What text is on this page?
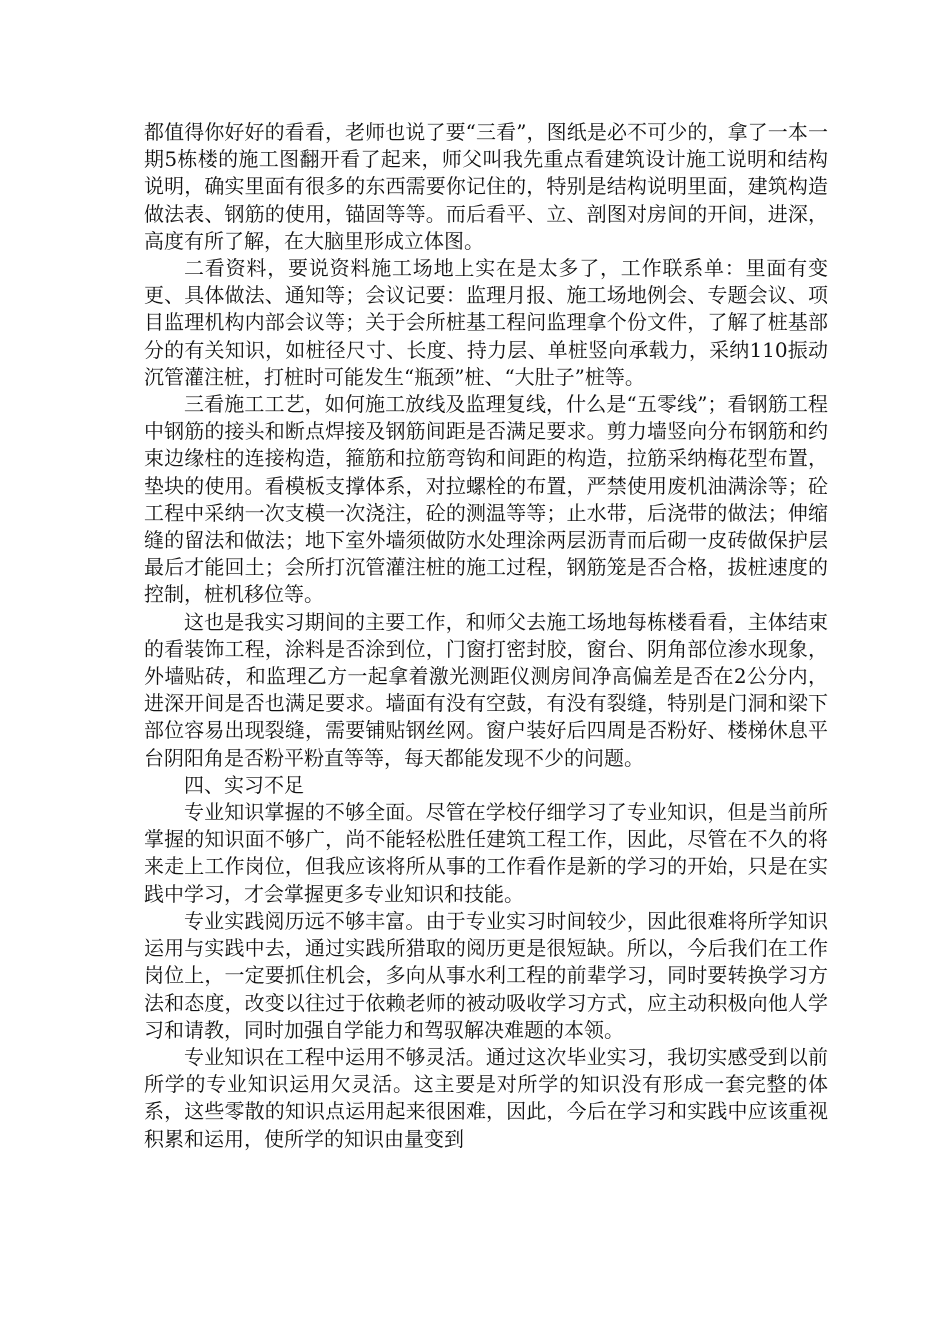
都值得你好好的看看，老师也说了要“三看”，图纸是必不可少的，拿了一本一期5栋楼的施工图翻开看了起来，师父叫我先重点看建筑设计施工说明和结构说明，确实里面有很多的东西需要你记住的，特别是结构说明里面，建筑构造做法表、钢筋的使用，锚固等等。而后看平、立、剖图对房间的开间，进深，高度有所了解，在大脑里形成立体图。

二看资料，要说资料施工场地上实在是太多了，工作联系单：里面有变更、具体做法、通知等；会议记要：监理月报、施工场地例会、专题会议、项目监理机构内部会议等；关于会所桩基工程问监理拿个份文件，了解了桩基部分的有关知识，如桩径尺寸、长度、持力层、单桩竖向承载力，采纳110振动沉管灌注桩，打桩时可能发生“瓶颈”桩、“大肚子”桩等。

三看施工工艺，如何施工放线及监理复线，什么是“五零线”；看钢筋工程中钢筋的接头和断点焊接及钢筋间距是否满足要求。剪力墙竖向分布钢筋和约束边缘柱的连接构造，箍筋和拉筋弯钩和间距的构造，拉筋采纳梅花型布置，垫块的使用。看模板支撑体系，对拉螺栓的布置，严禁使用废机油满涂等；砼工程中采纳一次支模一次浇注，砼的测温等等；止水带，后浇带的做法；伸缩缝的留法和做法；地下室外墙须做防水处理涂两层沥青而后砌一皮砖做保护层最后才能回土；会所打沉管灌注桩的施工过程，钢筋笼是否合格，拔桩速度的控制，桩机移位等。

这也是我实习期间的主要工作，和师父去施工场地每栋楼看看，主体结束的看装饰工程，涂料是否涂到位，门窗打密封胶，窗台、阴角部位渗水现象，外墙贴砖，和监理乙方一起拿着激光测距仪测房间净高偏差是否在2公分内，进深开间是否也满足要求。墙面有没有空鼓，有没有裂缝，特别是门洞和梁下部位容易出现裂缝，需要铺贴钢丝网。窗户装好后四周是否粉好、楼梯休息平台阴阳角是否粉平粉直等等，每天都能发现不少的问题。

四、实习不足

专业知识掌握的不够全面。尽管在学校仔细学习了专业知识，但是当前所掌握的知识面不够广，尚不能轻松胜任建筑工程工作，因此，尽管在不久的将来走上工作岗位，但我应该将所从事的工作看作是新的学习的开始，只是在实践中学习，才会掌握更多专业知识和技能。

专业实践阅历远不够丰富。由于专业实习时间较少，因此很难将所学知识运用与实践中去，通过实践所猎取的阅历更是很短缺。所以，今后我们在工作岗位上，一定要抓住机会，多向从事水利工程的前辈学习，同时要转换学习方法和态度，改变以往过于依赖老师的被动吸收学习方式，应主动积极向他人学习和请教，同时加强自学能力和驾驭解决难题的本领。

专业知识在工程中运用不够灵活。通过这次毕业实习，我切实感受到以前所学的专业知识运用欠灵活。这主要是对所学的知识没有形成一套完整的体系，这些零散的知识点运用起来很困难，因此，今后在学习和实践中应该重视积累和运用，使所学的知识由量变到
